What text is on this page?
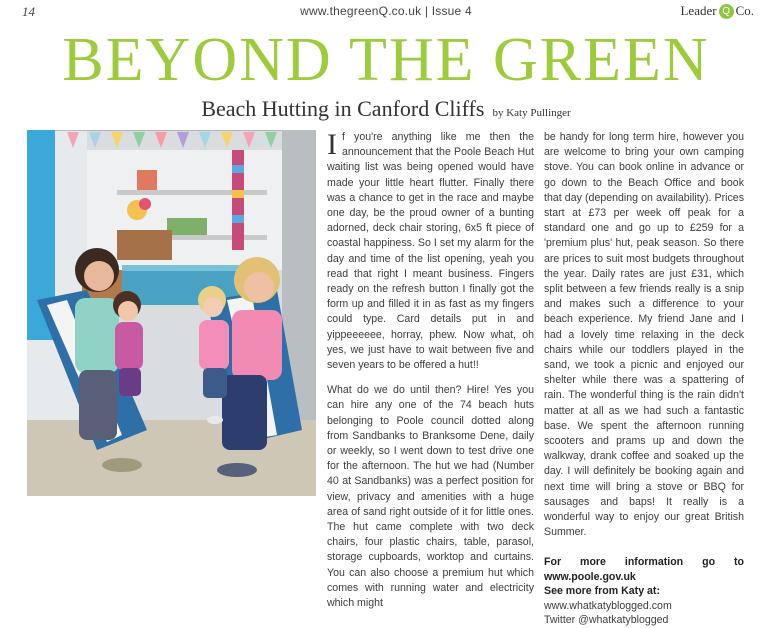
14	www.thegreenQ.co.uk | Issue 4	Leader Q Co.
BEYOND THE GREEN
Beach Hutting in Canford Cliffs by Katy Pullinger

I f you're anything like me then the announcement that the Poole Beach Hut waiting list was being opened would have made your little heart flutter. Finally there was a chance to get in the race and maybe one day, be the proud owner of a bunting adorned, deck chair storing, 6x5 ft piece of coastal happiness. So I set my alarm for the day and time of the list opening, yeah you read that right I meant business. Fingers ready on the refresh button I finally got the form up and filled it in as fast as my fingers could type. Card details put in and yippeeeeee, horray, phew. Now what, oh yes, we just have to wait between five and seven years to be offered a hut!!

What do we do until then? Hire! Yes you can hire any one of the 74 beach huts belonging to Poole council dotted along from Sandbanks to Branksome Dene, daily or weekly, so I went down to test drive one for the afternoon. The hut we had (Number 40 at Sandbanks) was a perfect position for view, privacy and amenities with a huge area of sand right outside of it for little ones. The hut came complete with two deck chairs, four plastic chairs, table, parasol, storage cupboards, worktop and curtains. You can also choose a premium hut which comes with running water and electricity which might

be handy for long term hire, however you are welcome to bring your own camping stove. You can book online in advance or go down to the Beach Office and book that day (depending on availability). Prices start at £73 per week off peak for a standard one and go up to £259 for a 'premium plus' hut, peak season. So there are prices to suit most budgets throughout the year. Daily rates are just £31, which split between a few friends really is a snip and makes such a difference to your beach experience. My friend Jane and I had a lovely time relaxing in the deck chairs while our toddlers played in the sand, we took a picnic and enjoyed our shelter while there was a spattering of rain. The wonderful thing is the rain didn't matter at all as we had such a fantastic base. We spent the afternoon running scooters and prams up and down the walkway, drank coffee and soaked up the day. I will definitely be booking again and next time will bring a stove or BBQ for sausages and baps! It really is a wonderful way to enjoy our great British Summer.

For more information go to www.poole.gov.uk
See more from Katy at:
www.whatkatyblogged.com
Twitter @whatkatyblogged
